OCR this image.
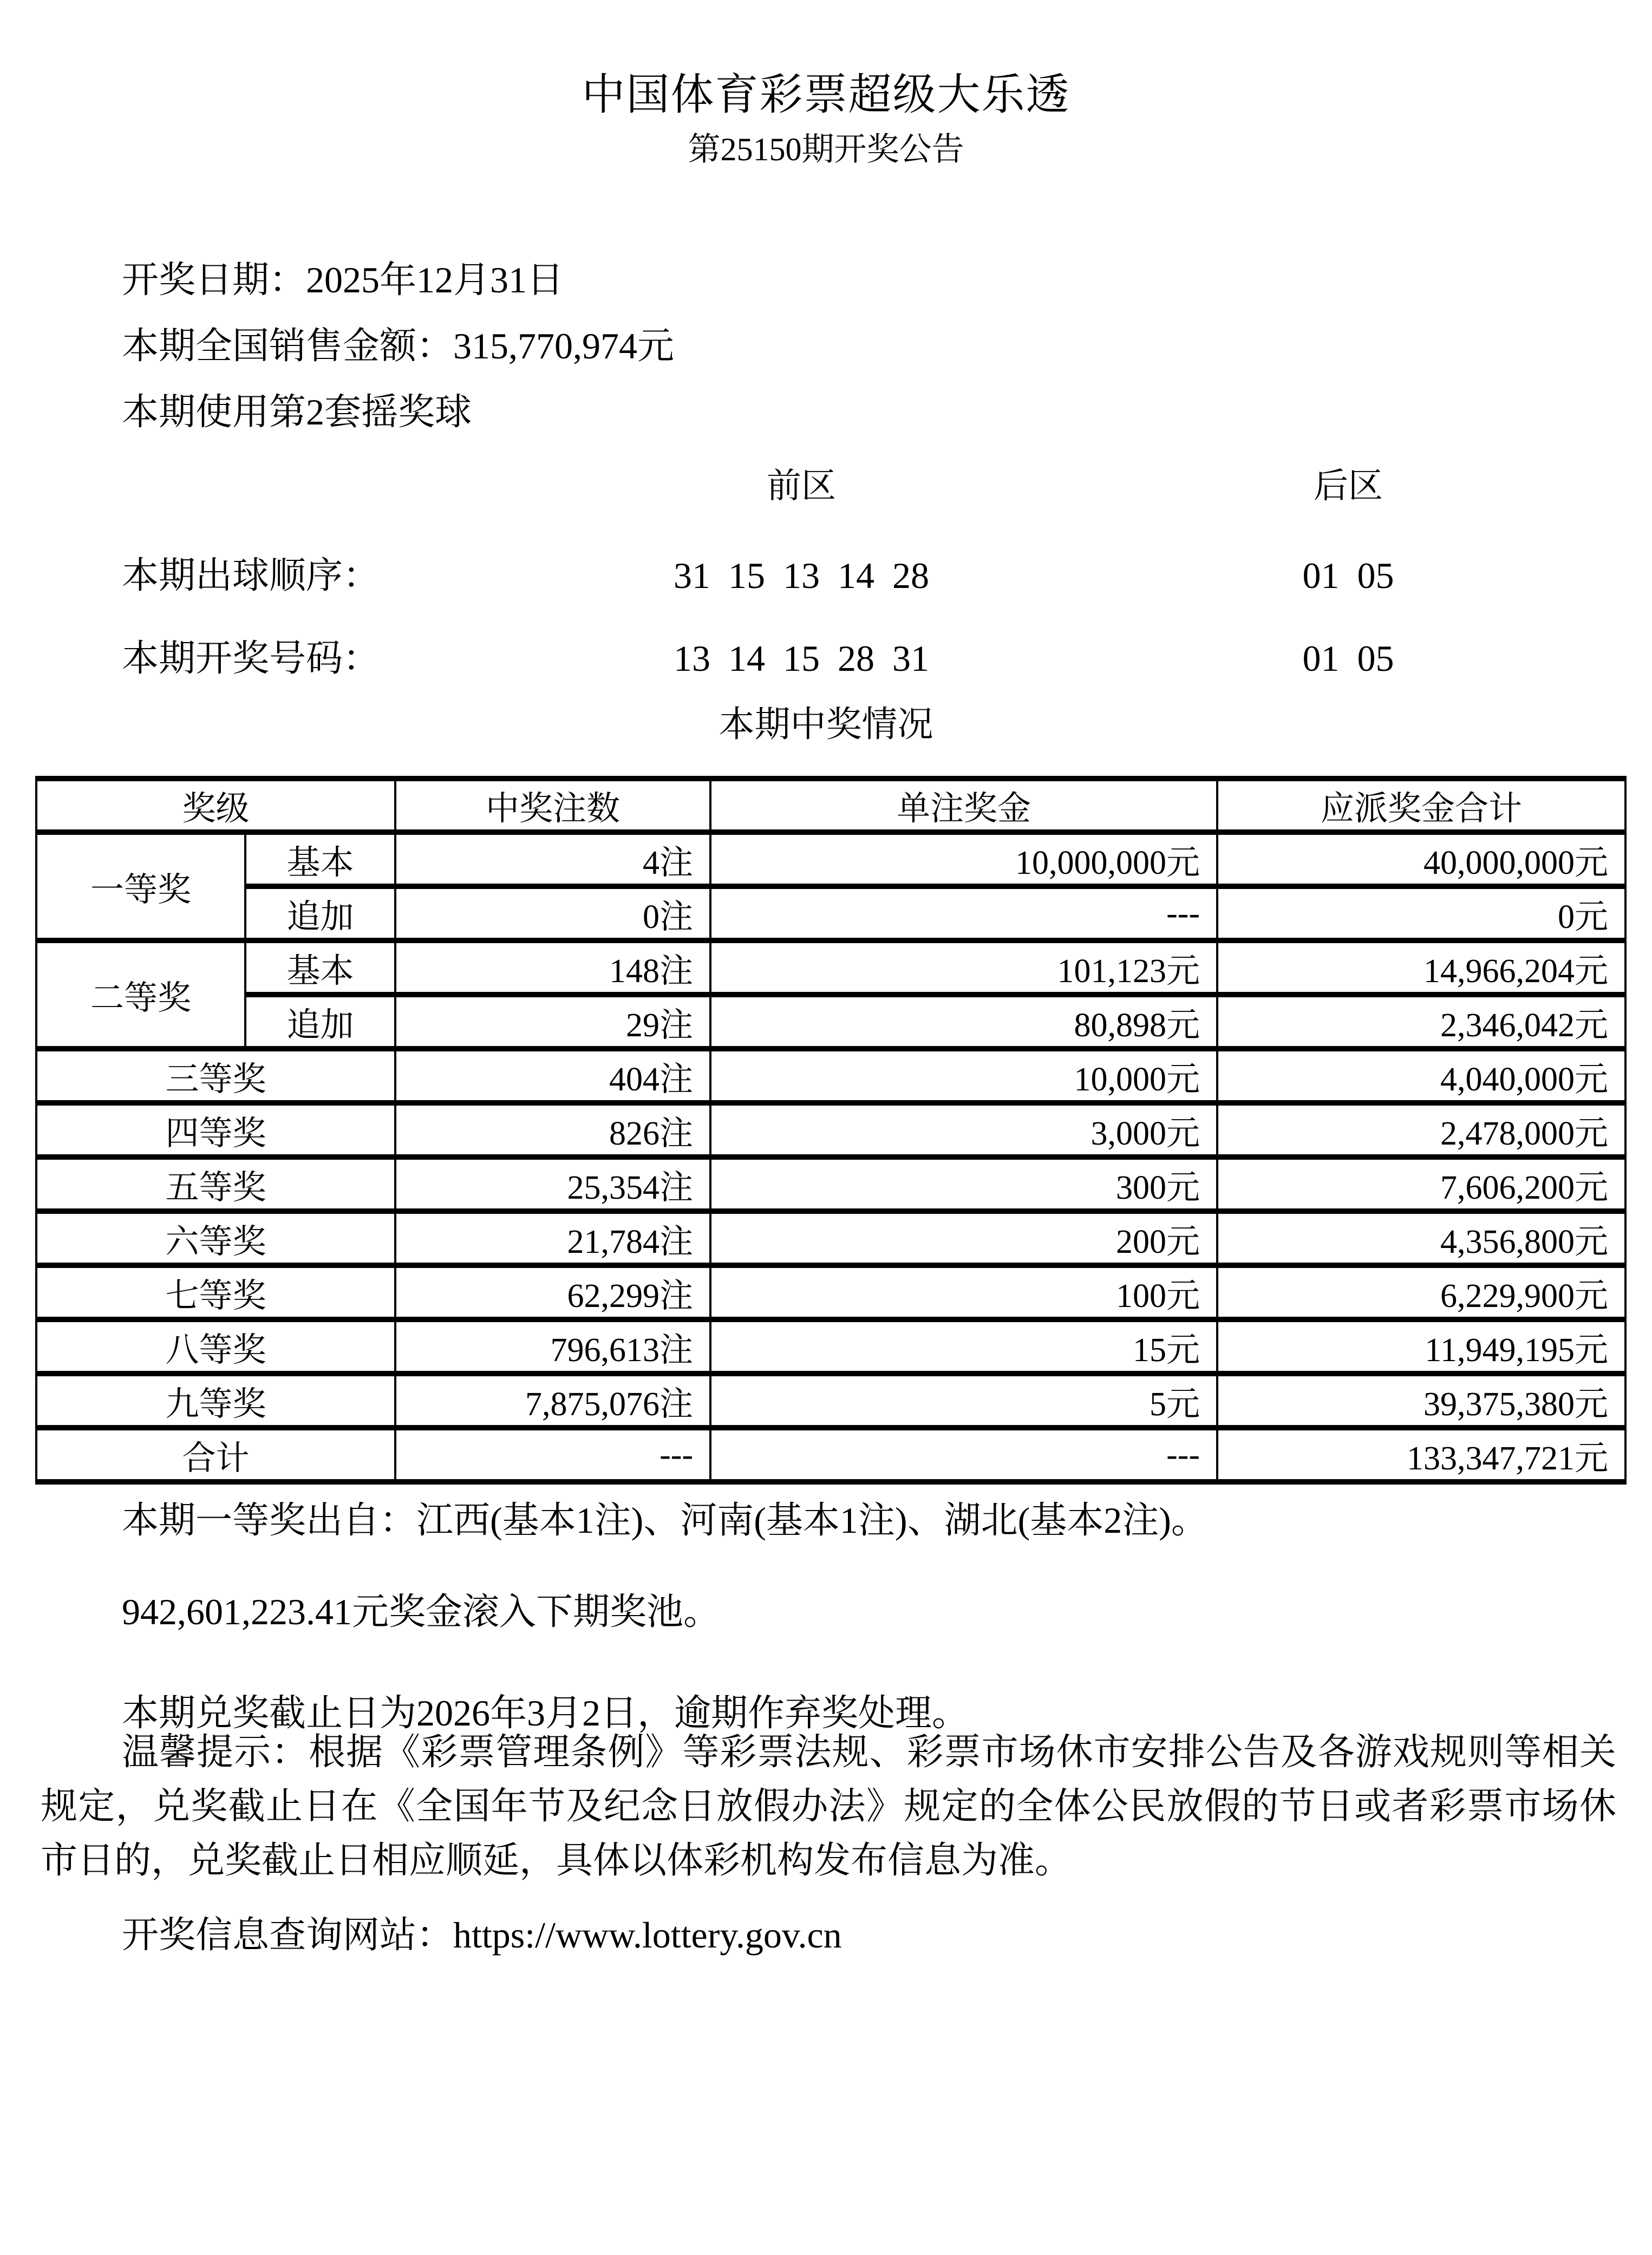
中国体育彩票超级大乐透
第25150期开奖公告
开奖日期：2025年12月31日
本期全国销售金额：315,770,974元
本期使用第2套摇奖球
前区	后区
本期出球顺序：	31 15 13 14 28	01 05
本期开奖号码：	13 14 15 28 31	01 05
本期中奖情况
奖级		中奖注数	单注奖金	应派奖金合计
一等奖	基本	4注	10,000,000元	40,000,000元
	追加	0注	---	0元
二等奖	基本	148注	101,123元	14,966,204元
	追加	29注	80,898元	2,346,042元
三等奖		404注	10,000元	4,040,000元
四等奖		826注	3,000元	2,478,000元
五等奖		25,354注	300元	7,606,200元
六等奖		21,784注	200元	4,356,800元
七等奖		62,299注	100元	6,229,900元
八等奖		796,613注	15元	11,949,195元
九等奖		7,875,076注	5元	39,375,380元
合计		---	---	133,347,721元
本期一等奖出自：江西(基本1注)、河南(基本1注)、湖北(基本2注)。
942,601,223.41元奖金滚入下期奖池。
本期兑奖截止日为2026年3月2日，逾期作弃奖处理。
温馨提示：根据《彩票管理条例》等彩票法规、彩票市场休市安排公告及各游戏规则等相关规定，兑奖截止日在《全国年节及纪念日放假办法》规定的全体公民放假的节日或者彩票市场休市日的，兑奖截止日相应顺延，具体以体彩机构发布信息为准。
开奖信息查询网站：https://www.lottery.gov.cn
